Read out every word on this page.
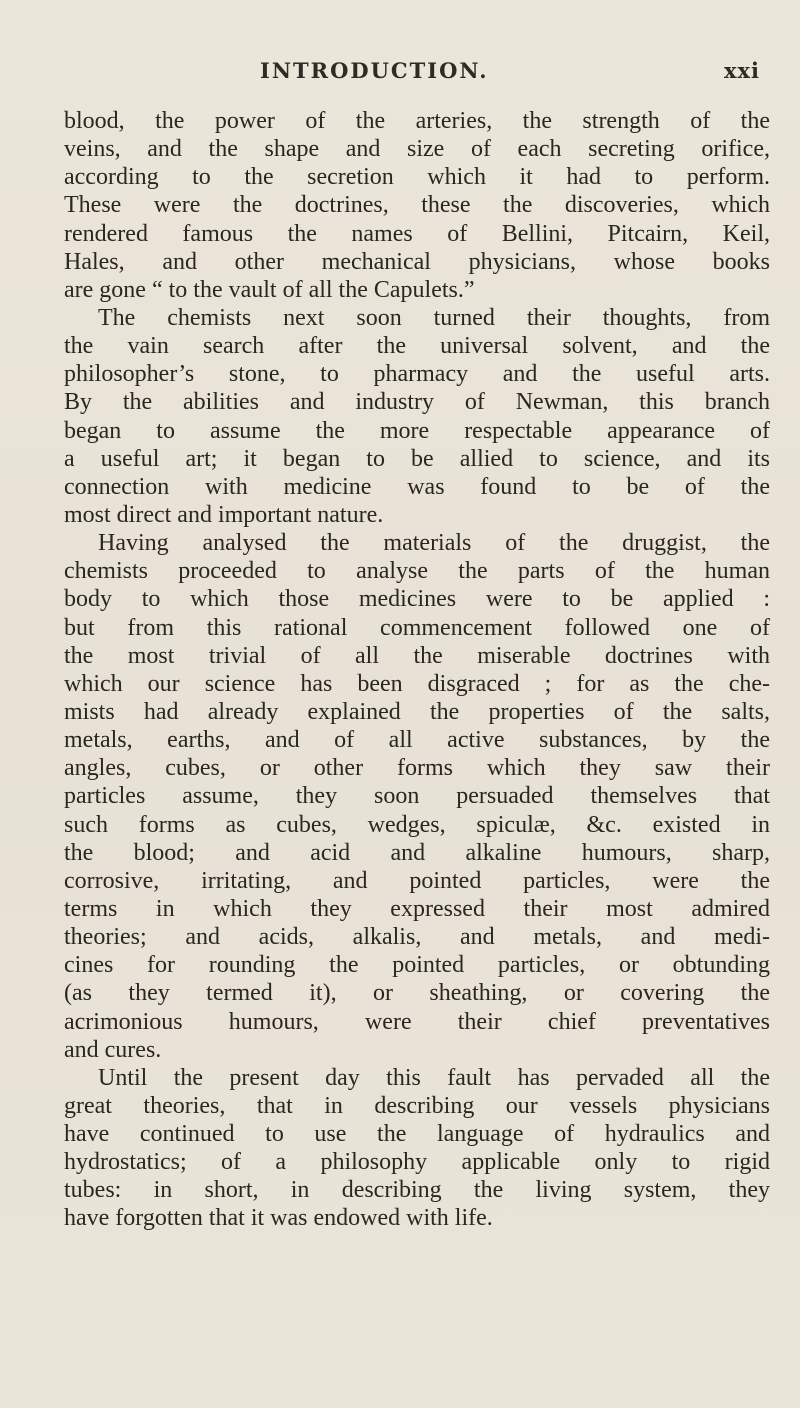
INTRODUCTION.	xxi
blood, the power of the arteries, the strength of the
veins, and the shape and size of each secreting orifice,
according to the secretion which it had to perform.
These were the doctrines, these the discoveries, which
rendered famous the names of Bellini, Pitcairn, Keil,
Hales, and other mechanical physicians, whose books
are gone “ to the vault of all the Capulets.”
The chemists next soon turned their thoughts, from
the vain search after the universal solvent, and the
philosopher’s stone, to pharmacy and the useful arts.
By the abilities and industry of Newman, this branch
began to assume the more respectable appearance of
a useful art; it began to be allied to science, and its
connection with medicine was found to be of the
most direct and important nature.
Having analysed the materials of the druggist, the
chemists proceeded to analyse the parts of the human
body to which those medicines were to be applied :
but from this rational commencement followed one of
the most trivial of all the miserable doctrines with
which our science has been disgraced ; for as the che-
mists had already explained the properties of the salts,
metals, earths, and of all active substances, by the
angles, cubes, or other forms which they saw their
particles assume, they soon persuaded themselves that
such forms as cubes, wedges, spiculæ, &c. existed in
the blood; and acid and alkaline humours, sharp,
corrosive, irritating, and pointed particles, were the
terms in which they expressed their most admired
theories; and acids, alkalis, and metals, and medi-
cines for rounding the pointed particles, or obtunding
(as they termed it), or sheathing, or covering the
acrimonious humours, were their chief preventatives
and cures.
Until the present day this fault has pervaded all the
great theories, that in describing our vessels physicians
have continued to use the language of hydraulics and
hydrostatics; of a philosophy applicable only to rigid
tubes: in short, in describing the living system, they
have forgotten that it was endowed with life.
